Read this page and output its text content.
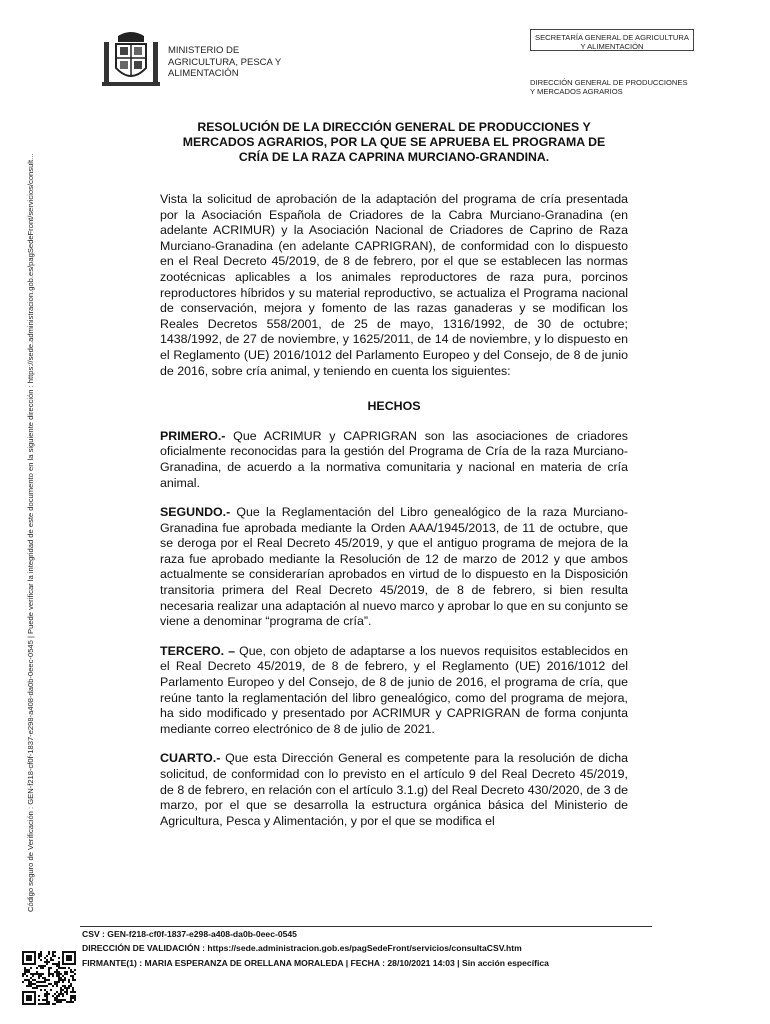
Código seguro de Verificación : GEN-f218-cf0f-1837-e298-a408-da0b-0eec-0545 | Puede verificar la integridad de este documento en la siguiente dirección : https://sede.administracion.gob.es/pagSedeFront/servicios/consult...
MINISTERIO DE
AGRICULTURA, PESCA Y
ALIMENTACIÓN
SECRETARÍA GENERAL DE AGRICULTURA
Y ALIMENTACIÓN
DIRECCIÓN GENERAL DE PRODUCCIONES
Y MERCADOS AGRARIOS
RESOLUCIÓN DE LA DIRECCIÓN GENERAL DE PRODUCCIONES Y
MERCADOS AGRARIOS, POR LA QUE SE APRUEBA EL PROGRAMA DE
CRÍA DE LA RAZA CAPRINA MURCIANO-GRANDINA.

Vista la solicitud de aprobación de la adaptación del programa de cría presentada por la Asociación Española de Criadores de la Cabra Murciano-Granadina (en adelante ACRIMUR) y la Asociación Nacional de Criadores de Caprino de Raza Murciano-Granadina (en adelante CAPRIGRAN), de conformidad con lo dispuesto en el Real Decreto 45/2019, de 8 de febrero, por el que se establecen las normas zootécnicas aplicables a los animales reproductores de raza pura, porcinos reproductores híbridos y su material reproductivo, se actualiza el Programa nacional de conservación, mejora y fomento de las razas ganaderas y se modifican los Reales Decretos 558/2001, de 25 de mayo, 1316/1992, de 30 de octubre; 1438/1992, de 27 de noviembre, y 1625/2011, de 14 de noviembre, y lo dispuesto en el Reglamento (UE) 2016/1012 del Parlamento Europeo y del Consejo, de 8 de junio de 2016, sobre cría animal, y teniendo en cuenta los siguientes:

HECHOS

PRIMERO.- Que ACRIMUR y CAPRIGRAN son las asociaciones de criadores oficialmente reconocidas para la gestión del Programa de Cría de la raza Murciano-Granadina, de acuerdo a la normativa comunitaria y nacional en materia de cría animal.

SEGUNDO.- Que la Reglamentación del Libro genealógico de la raza Murciano-Granadina fue aprobada mediante la Orden AAA/1945/2013, de 11 de octubre, que se deroga por el Real Decreto 45/2019, y que el antiguo programa de mejora de la raza fue aprobado mediante la Resolución de 12 de marzo de 2012 y que ambos actualmente se considerarían aprobados en virtud de lo dispuesto en la Disposición transitoria primera del Real Decreto 45/2019, de 8 de febrero, si bien resulta necesaria realizar una adaptación al nuevo marco y aprobar lo que en su conjunto se viene a denominar “programa de cría”.

TERCERO. – Que, con objeto de adaptarse a los nuevos requisitos establecidos en el Real Decreto 45/2019, de 8 de febrero, y el Reglamento (UE) 2016/1012 del Parlamento Europeo y del Consejo, de 8 de junio de 2016, el programa de cría, que reúne tanto la reglamentación del libro genealógico, como del programa de mejora, ha sido modificado y presentado por ACRIMUR y CAPRIGRAN de forma conjunta mediante correo electrónico de 8 de julio de 2021.

CUARTO.- Que esta Dirección General es competente para la resolución de dicha solicitud, de conformidad con lo previsto en el artículo 9 del Real Decreto 45/2019, de 8 de febrero, en relación con el artículo 3.1.g) del Real Decreto 430/2020, de 3 de marzo, por el que se desarrolla la estructura orgánica básica del Ministerio de Agricultura, Pesca y Alimentación, y por el que se modifica el

CSV : GEN-f218-cf0f-1837-e298-a408-da0b-0eec-0545
DIRECCIÓN DE VALIDACIÓN : https://sede.administracion.gob.es/pagSedeFront/servicios/consultaCSV.htm
FIRMANTE(1) : MARIA ESPERANZA DE ORELLANA MORALEDA | FECHA : 28/10/2021 14:03 | Sin acción específica
